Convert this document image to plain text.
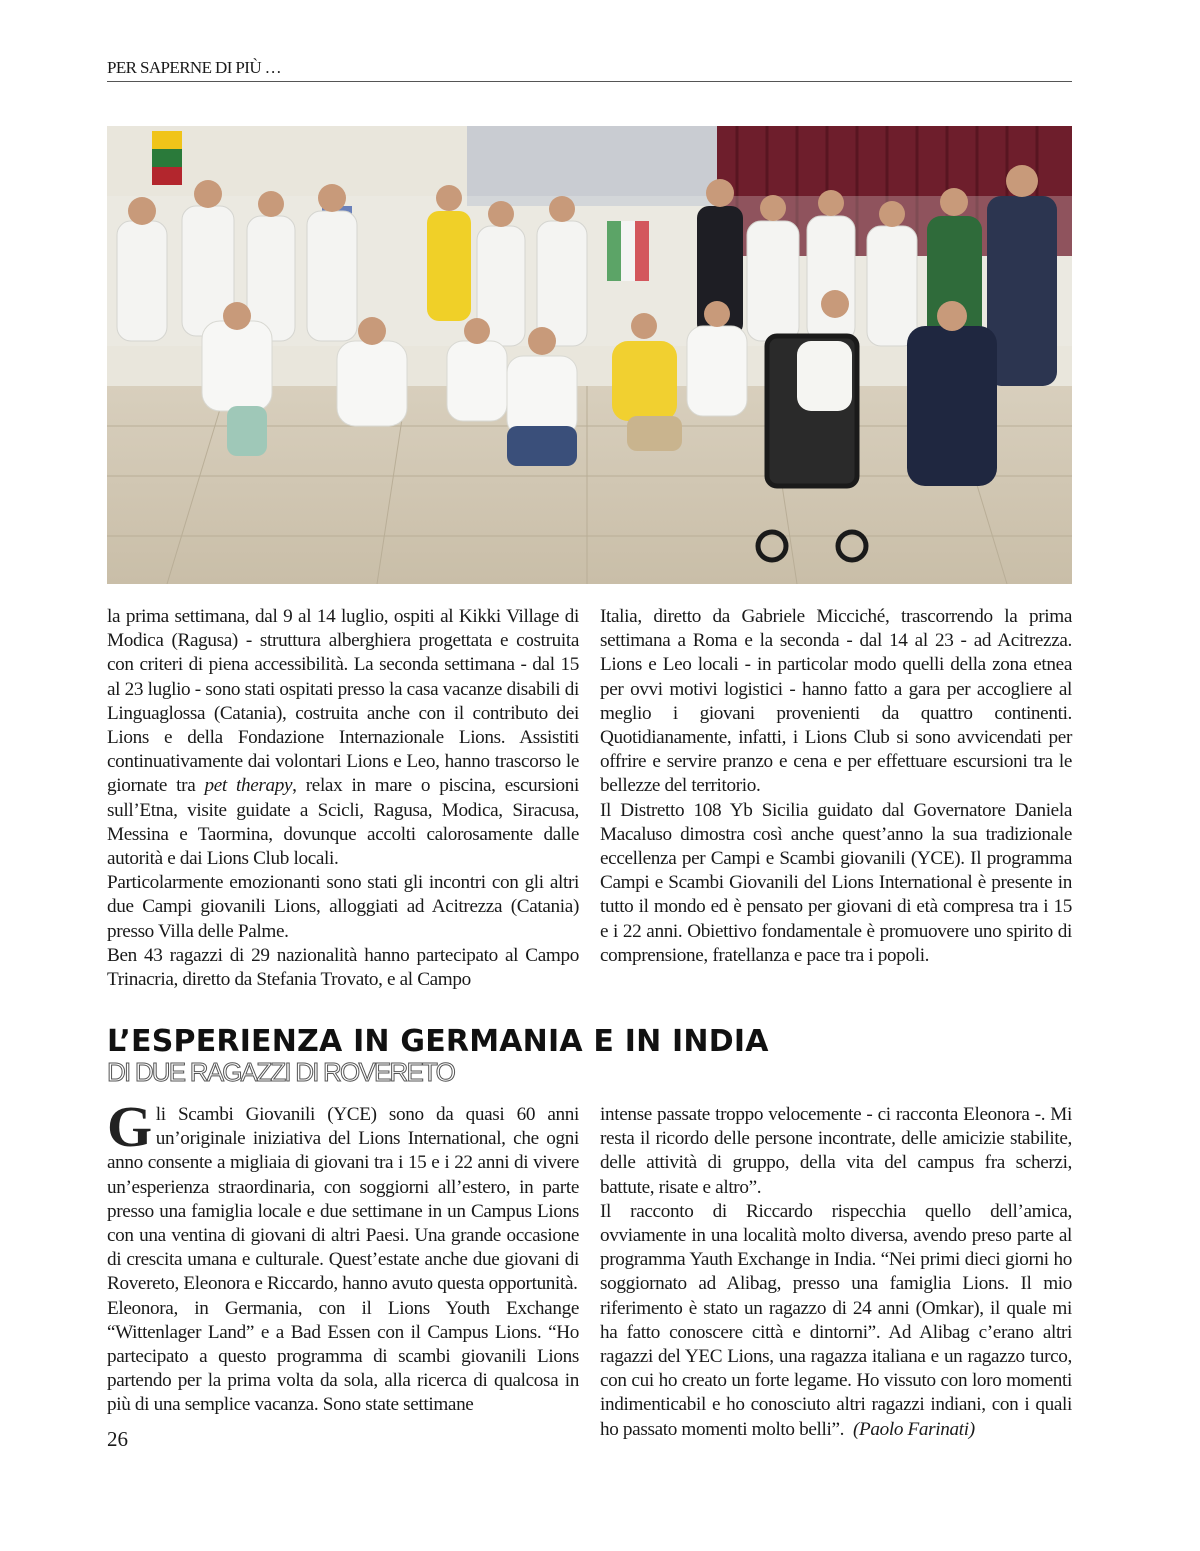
PER SAPERNE DI PIÙ …

la prima settimana, dal 9 al 14 luglio, ospiti al Kikki Village di Modica (Ragusa) - struttura alberghiera progettata e costruita con criteri di piena accessibilità. La seconda settimana - dal 15 al 23 luglio - sono stati ospitati presso la casa vacanze disabili di Linguaglossa (Catania), costruita anche con il contributo dei Lions e della Fondazione Internazionale Lions. Assistiti continuativamente dai volontari Lions e Leo, hanno trascorso le giornate tra pet therapy, relax in mare o piscina, escursioni sull’Etna, visite guidate a Scicli, Ragusa, Modica, Siracusa, Messina e Taormina, dovunque accolti calorosamente dalle autorità e dai Lions Club locali.

Particolarmente emozionanti sono stati gli incontri con gli altri due Campi giovanili Lions, alloggiati ad Acitrezza (Catania) presso Villa delle Palme.

Ben 43 ragazzi di 29 nazionalità hanno partecipato al Campo Trinacria, diretto da Stefania Trovato, e al Campo

Italia, diretto da Gabriele Micciché, trascorrendo la prima settimana a Roma e la seconda - dal 14 al 23 - ad Acitrezza. Lions e Leo locali - in particolar modo quelli della zona etnea per ovvi motivi logistici - hanno fatto a gara per accogliere al meglio i giovani provenienti da quattro continenti. Quotidianamente, infatti, i Lions Club si sono avvicendati per offrire e servire pranzo e cena e per effettuare escursioni tra le bellezze del territorio.

Il Distretto 108 Yb Sicilia guidato dal Governatore Daniela Macaluso dimostra così anche quest’anno la sua tradizionale eccellenza per Campi e Scambi giovanili (YCE). Il programma Campi e Scambi Giovanili del Lions International è presente in tutto il mondo ed è pensato per giovani di età compresa tra i 15 e i 22 anni. Obiettivo fondamentale è promuovere uno spirito di comprensione, fratellanza e pace tra i popoli.

L’ESPERIENZA IN GERMANIA E IN INDIA
DI DUE RAGAZZI DI ROVERETO

Gli Scambi Giovanili (YCE) sono da quasi 60 anni un’originale iniziativa del Lions International, che ogni anno consente a migliaia di giovani tra i 15 e i 22 anni di vivere un’esperienza straordinaria, con soggiorni all’estero, in parte presso una famiglia locale e due settimane in un Campus Lions con una ventina di giovani di altri Paesi. Una grande occasione di crescita umana e culturale. Quest’estate anche due giovani di Rovereto, Eleonora e Riccardo, hanno avuto questa opportunità.

Eleonora, in Germania, con il Lions Youth Exchange “Wittenlager Land” e a Bad Essen con il Campus Lions. “Ho partecipato a questo programma di scambi giovanili Lions partendo per la prima volta da sola, alla ricerca di qualcosa in più di una semplice vacanza. Sono state settimane

intense passate troppo velocemente - ci racconta Eleonora -. Mi resta il ricordo delle persone incontrate, delle amicizie stabilite, delle attività di gruppo, della vita del campus fra scherzi, battute, risate e altro”.

Il racconto di Riccardo rispecchia quello dell’amica, ovviamente in una località molto diversa, avendo preso parte al programma Yauth Exchange in India. “Nei primi dieci giorni ho soggiornato ad Alibag, presso una famiglia Lions. Il mio riferimento è stato un ragazzo di 24 anni (Omkar), il quale mi ha fatto conoscere città e dintorni”. Ad Alibag c’erano altri ragazzi del YEC Lions, una ragazza italiana e un ragazzo turco, con cui ho creato un forte legame. Ho vissuto con loro momenti indimenticabil e ho conosciuto altri ragazzi indiani, con i quali ho passato momenti molto belli”. (Paolo Farinati)

26
